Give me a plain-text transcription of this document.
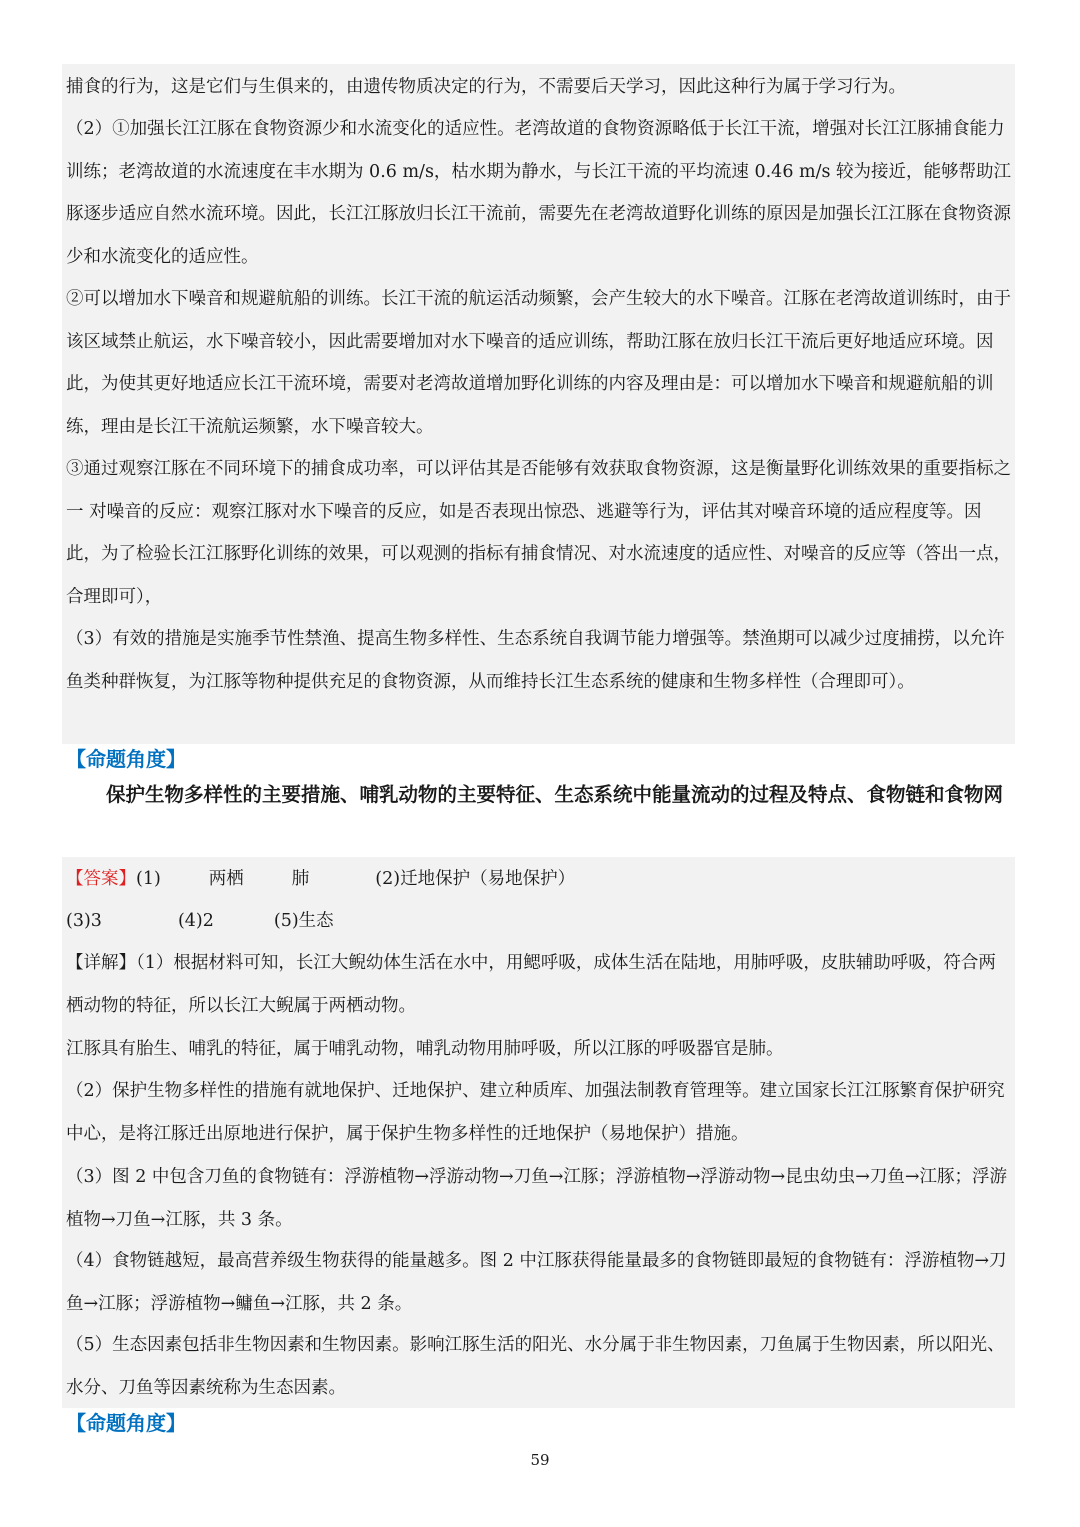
捕食的行为，这是它们与生俱来的，由遗传物质决定的行为，不需要后天学习，因此这种行为属于学习行为。

（2）①加强长江江豚在食物资源少和水流变化的适应性。老湾故道的食物资源略低于长江干流，增强对长江江豚捕食能力训练；老湾故道的水流速度在丰水期为 0.6 m/s，枯水期为静水，与长江干流的平均流速 0.46 m/s 较为接近，能够帮助江豚逐步适应自然水流环境。因此，长江江豚放归长江干流前，需要先在老湾故道野化训练的原因是加强长江江豚在食物资源少和水流变化的适应性。

②可以增加水下噪音和规避航船的训练。长江干流的航运活动频繁，会产生较大的水下噪音。江豚在老湾故道训练时，由于该区域禁止航运，水下噪音较小，因此需要增加对水下噪音的适应训练，帮助江豚在放归长江干流后更好地适应环境。因此，为使其更好地适应长江干流环境，需要对老湾故道增加野化训练的内容及理由是：可以增加水下噪音和规避航船的训练，理由是长江干流航运频繁，水下噪音较大。

③通过观察江豚在不同环境下的捕食成功率，可以评估其是否能够有效获取食物资源，这是衡量野化训练效果的重要指标之一 对噪音的反应：观察江豚对水下噪音的反应，如是否表现出惊恐、逃避等行为，评估其对噪音环境的适应程度等。因此，为了检验长江江豚野化训练的效果，可以观测的指标有捕食情况、对水流速度的适应性、对噪音的反应等（答出一点，合理即可），

（3）有效的措施是实施季节性禁渔、提高生物多样性、生态系统自我调节能力增强等。禁渔期可以减少过度捕捞，以允许鱼类种群恢复，为江豚等物种提供充足的食物资源，从而维持长江生态系统的健康和生物多样性（合理即可）。

【命题角度】

保护生物多样性的主要措施、哺乳动物的主要特征、生态系统中能量流动的过程及特点、食物链和食物网

【答案】(1)	两栖	肺	(2)迁地保护（易地保护）
(3)3	(4)2	(5)生态

【详解】（1）根据材料可知，长江大鲵幼体生活在水中，用鳃呼吸，成体生活在陆地，用肺呼吸，皮肤辅助呼吸，符合两栖动物的特征，所以长江大鲵属于两栖动物。

江豚具有胎生、哺乳的特征，属于哺乳动物，哺乳动物用肺呼吸，所以江豚的呼吸器官是肺。

（2）保护生物多样性的措施有就地保护、迁地保护、建立种质库、加强法制教育管理等。建立国家长江江豚繁育保护研究中心，是将江豚迁出原地进行保护，属于保护生物多样性的迁地保护（易地保护）措施。

（3）图 2 中包含刀鱼的食物链有：浮游植物→浮游动物→刀鱼→江豚；浮游植物→浮游动物→昆虫幼虫→刀鱼→江豚；浮游植物→刀鱼→江豚，共 3 条。

（4）食物链越短，最高营养级生物获得的能量越多。图 2 中江豚获得能量最多的食物链即最短的食物链有：浮游植物→刀鱼→江豚；浮游植物→鳙鱼→江豚，共 2 条。

（5）生态因素包括非生物因素和生物因素。影响江豚生活的阳光、水分属于非生物因素，刀鱼属于生物因素，所以阳光、水分、刀鱼等因素统称为生态因素。

【命题角度】

59
